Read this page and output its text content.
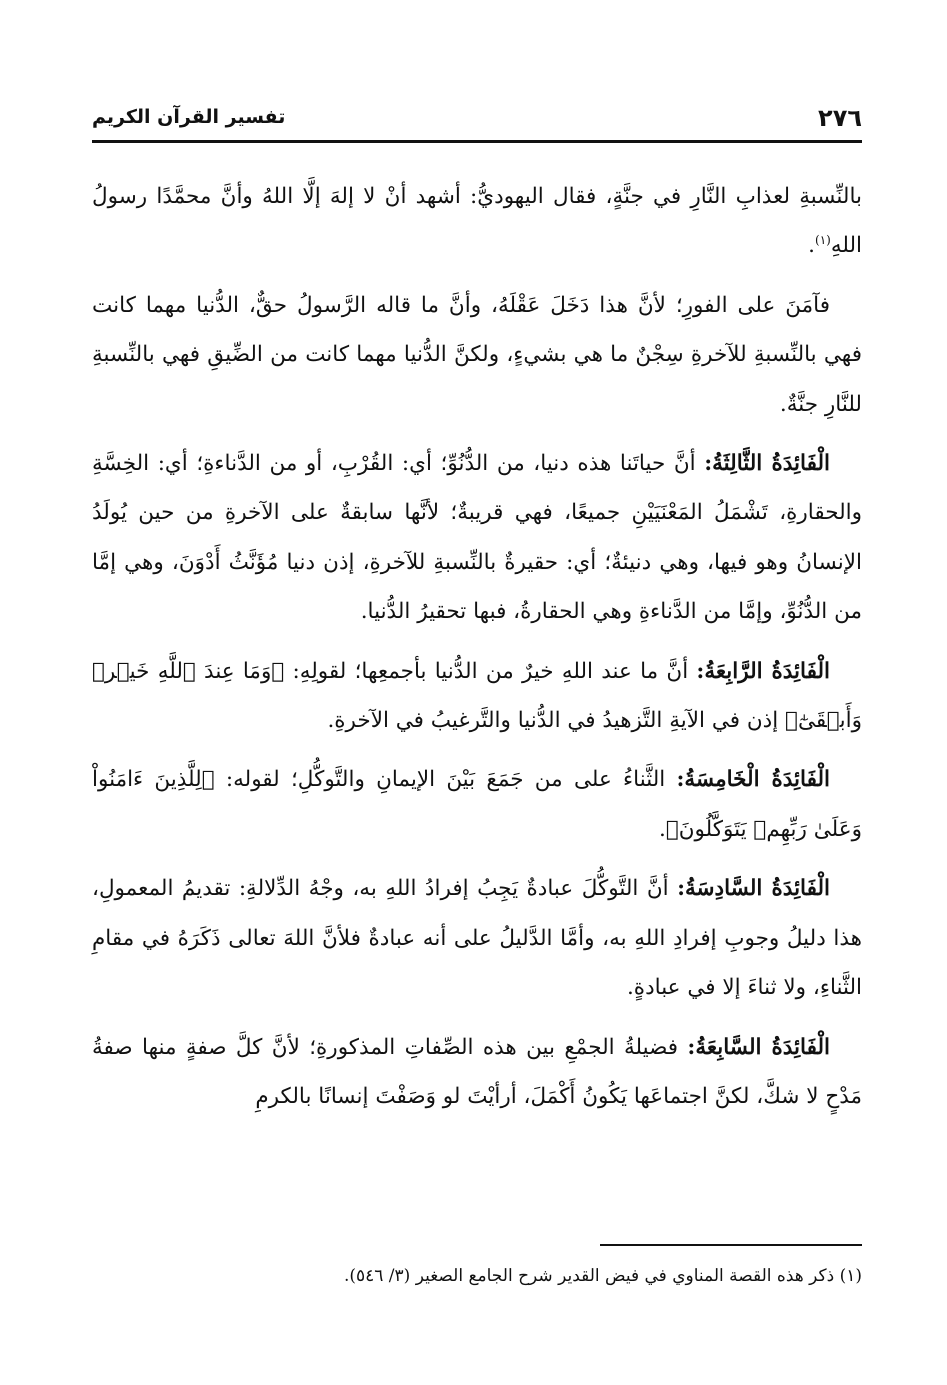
٢٧٦
تفسير القرآن الكريم

بالنِّسبةِ لعذابِ النَّارِ في جنَّةٍ، فقال اليهوديُّ: أشهد أنْ لا إلهَ إلَّا اللهُ وأنَّ محمَّدًا رسولُ اللهِ$^{(١)}$.

فآمَنَ على الفورِ؛ لأنَّ هذا دَخَلَ عَقْلَهُ، وأنَّ ما قاله الرَّسولُ حقٌّ، الدُّنيا مهما كانت فهي بالنِّسبةِ للآخرةِ سِجْنٌ ما هي بشيءٍ، ولكنَّ الدُّنيا مهما كانت من الضِّيقِ فهي بالنِّسبةِ للنَّارِ جنَّةٌ.

الْفَائِدَةُ الثَّالِثَةُ: أنَّ حياتَنا هذه دنيا، من الدُّنُوِّ؛ أي: القُرْبِ، أو من الدَّناءةِ؛ أي: الخِسَّةِ والحقارةِ، تَشْمَلُ المَعْنَيَيْنِ جميعًا، فهي قريبةٌ؛ لأنَّها سابقةٌ على الآخرةِ من حين يُولَدُ الإنسانُ وهو فيها، وهي دنيئةٌ؛ أي: حقيرةٌ بالنِّسبةِ للآخرةِ، إذن دنيا مُؤَنَّثُ أَدْوَنَ، وهي إمَّا من الدُّنُوِّ، وإمَّا من الدَّناءةِ وهي الحقارةُ، فبها تحقيرُ الدُّنيا.

الْفَائِدَةُ الرَّابِعَةُ: أنَّ ما عند اللهِ خيرٌ من الدُّنيا بأجمعِها؛ لقولِهِ: ﴿وَمَا عِندَ ٱللَّهِ خَيۡرٞ وَأَبۡقَىٰٓ﴾ إذن في الآيةِ التَّزهيدُ في الدُّنيا والتَّرغيبُ في الآخرةِ.

الْفَائِدَةُ الْخَامِسَةُ: الثَّناءُ على من جَمَعَ بَيْنَ الإيمانِ والتَّوكُّلِ؛ لقوله: ﴿لِلَّذِينَ ءَامَنُواْ وَعَلَىٰ رَبِّهِمۡ يَتَوَكَّلُونَ﴾.

الْفَائِدَةُ السَّادِسَةُ: أنَّ التَّوكُّلَ عبادةٌ يَجِبُ إفرادُ اللهِ به، وجْهُ الدِّلالةِ: تقديمُ المعمولِ، هذا دليلُ وجوبِ إفرادِ اللهِ به، وأمَّا الدَّليلُ على أنه عبادةٌ فلأنَّ اللهَ تعالى ذَكَرَهُ في مقامِ الثَّناءِ، ولا ثناءَ إلا في عبادةٍ.

الْفَائِدَةُ السَّابِعَةُ: فضيلةُ الجمْعِ بين هذه الصِّفاتِ المذكورةِ؛ لأنَّ كلَّ صفةٍ منها صفةُ مَدْحٍ لا شكَّ، لكنَّ اجتماعَها يَكُونُ أَكْمَلَ، أرأيْتَ لو وَصَفْتَ إنسانًا بالكرمِ

(١) ذكر هذه القصة المناوي في فيض القدير شرح الجامع الصغير (٣/ ٥٤٦).
